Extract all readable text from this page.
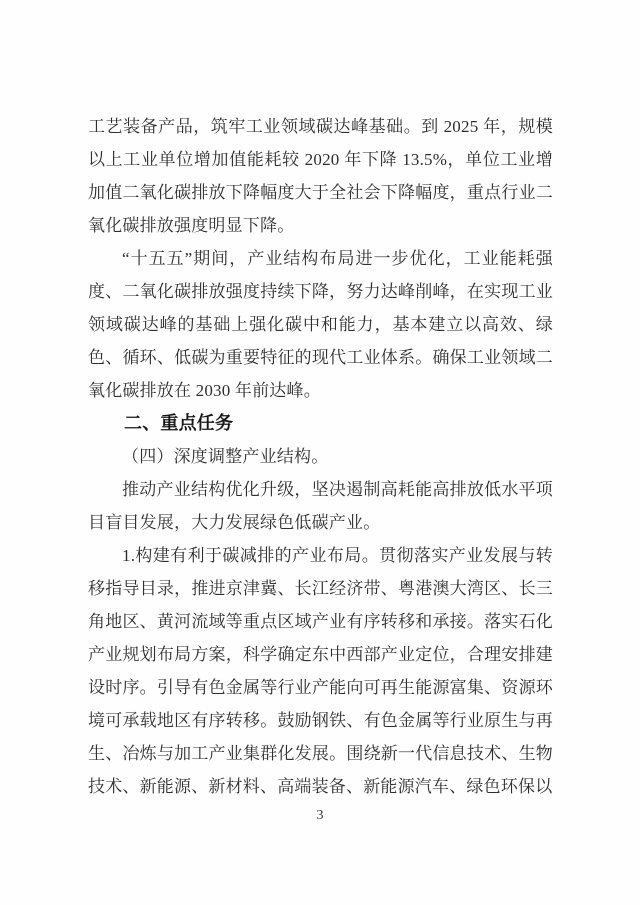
工艺装备产品，筑牢工业领域碳达峰基础。到 2025 年，规模以上工业单位增加值能耗较 2020 年下降 13.5%，单位工业增加值二氧化碳排放下降幅度大于全社会下降幅度，重点行业二氧化碳排放强度明显下降。

“十五五”期间，产业结构布局进一步优化，工业能耗强度、二氧化碳排放强度持续下降，努力达峰削峰，在实现工业领域碳达峰的基础上强化碳中和能力，基本建立以高效、绿色、循环、低碳为重要特征的现代工业体系。确保工业领域二氧化碳排放在 2030 年前达峰。

二、重点任务

（四）深度调整产业结构。

推动产业结构优化升级，坚决遏制高耗能高排放低水平项目盲目发展，大力发展绿色低碳产业。

1.构建有利于碳减排的产业布局。贯彻落实产业发展与转移指导目录，推进京津冀、长江经济带、粤港澳大湾区、长三角地区、黄河流域等重点区域产业有序转移和承接。落实石化产业规划布局方案，科学确定东中西部产业定位，合理安排建设时序。引导有色金属等行业产能向可再生能源富集、资源环境可承载地区有序转移。鼓励钢铁、有色金属等行业原生与再生、冶炼与加工产业集群化发展。围绕新一代信息技术、生物技术、新能源、新材料、高端装备、新能源汽车、绿色环保以

3
